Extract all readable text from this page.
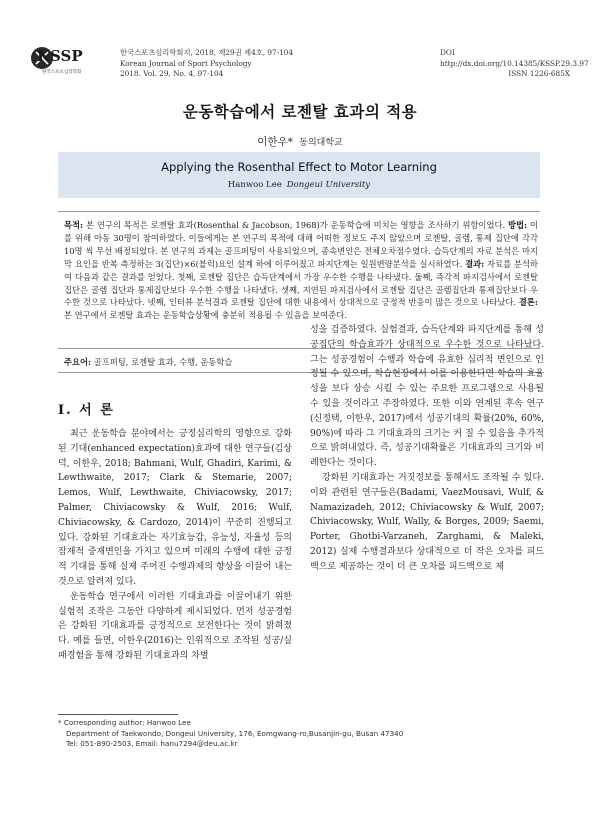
KSSP
한국스포츠심리학회
한국스포츠심리학회지, 2018, 제29권 제4호, 97-104
Korean Journal of Sport Psychology
2018. Vol. 29, No. 4, 97-104
DOI http://dx.doi.org/10.14385/KSSP.29.3.97
ISSN 1226-685X
운동학습에서 로젠탈 효과의 적용
이한우* 동의대학교
Applying the Rosenthal Effect to Motor Learning
Hanwoo Lee Dongeui University
목적: 본 연구의 목적은 로젠탈 효과(Rosenthal & Jacobson, 1968)가 운동학습에 미치는 영향을 조사하기 위함이었다. 방법: 이를 위해 아동 30명이 참여하였다. 이들에게는 본 연구의 목적에 대해 어떠한 정보도 주지 않았으며 로젠탈, 골렘, 통제 집단에 각각 10명 씩 무선 배정되었다. 본 연구의 과제는 골프퍼팅이 사용되었으며, 종속변인은 전체오차점수였다. 습득단계의 자료 분석은 마지막 요인을 반복 측정하는 3(집단)×6(블럭)요인 설계 하에 이루어졌고 파지단계는 일원변량분석을 실시하였다. 결과: 자료를 분석하여 다음과 같은 결과를 얻었다. 첫째, 로젠탈 집단은 습득단계에서 가장 우수한 수행을 나타냈다. 둘째, 즉각적 파지검사에서 로젠탈 집단은 골렘 집단과 통제집단보다 우수한 수행을 나타냈다. 셋째, 지연된 파지검사에서 로젠탈 집단은 골렘집단과 통제집단보다 우수한 것으로 나타났다. 넷째, 인터뷰 분석결과 로젠탈 집단에 대한 내용에서 상대적으로 긍정적 반응이 많은 것으로 나타났다. 결론: 본 연구에서 로젠탈 효과는 운동학습상황에 충분히 적용될 수 있음을 보여준다.
주요어: 골프퍼팅, 로젠탈 효과, 수행, 운동학습
I. 서 론

최근 운동학습 분야에서는 긍정심리학의 영향으로 강화된 기대(enhanced expectation)효과에 대한 연구들(김상덕, 이한우, 2018; Bahmani, Wulf, Ghadiri, Karimi, & Lewthwaite, 2017; Clark & Stemarie, 2007; Lemos, Wulf, Lewthwaite, Chiviacowsky, 2017; Palmer, Chiviacowsky & Wulf, 2016; Wulf, Chiviacowsky, & Cardozo, 2014)이 꾸준히 진행되고 있다. 강화된 기대효과는 자기효능감, 유능성, 자율성 등의 잠재적 중재변인을 가지고 있으며 미래의 수행에 대한 긍정적 기대를 통해 실제 주어진 수행과제의 향상을 이끌어 내는 것으로 알려져 있다.

운동학습 연구에서 이러한 기대효과를 이끌어내기 위한 실험적 조작은 그동안 다양하게 제시되었다. 먼저 성공경험은 강화된 기대효과를 긍정적으로 보전한다는 것이 밝혀졌다. 예를 들면, 이한우(2016)는 인위적으로 조작된 성공/실패경험을 통해 강화된 기대효과의 차별

성을 검증하였다. 실험결과, 습득단계와 파지단계를 통해 성공집단의 학습효과가 상대적으로 우수한 것으로 나타났다. 그는 성공경험이 수행과 학습에 유효한 심리적 변인으로 인정될 수 있으며, 학습현장에서 이를 이용한다면 학습의 효율성을 보다 상승 시킬 수 있는 주요한 프로그램으로 사용될 수 있을 것이라고 주장하였다. 또한 이와 연계된 후속 연구(신정택, 이한우, 2017)에서 성공기대의 확률(20%, 60%, 90%)에 따라 그 기대효과의 크기는 커 질 수 있음을 추가적으로 밝혀내었다. 즉, 성공기대확률은 기대효과의 크기와 비례한다는 것이다.

강화된 기대효과는 거짓정보를 통해서도 조작될 수 있다. 이와 관련된 연구들은(Badami, VaezMousavi, Wulf, & Namazizadeh, 2012; Chiviacowsky & Wulf, 2007; Chiviacowsky, Wulf, Wally, & Borges, 2009; Saemi, Porter, Ghotbi-Varzaneh, Zarghami, & Maleki, 2012) 실제 수행결과보다 상대적으로 더 작은 오차를 피드백으로 제공하는 것이 더 큰 오차를 피드백으로 제

* Corresponding author: Hanwoo Lee

Department of Taekwondo, Dongeui University, 176, Eomgwang-ro,Busanjin-gu, Busan 47340

Tel: 051-890-2503, Email: hanu7294@deu.ac.kr
